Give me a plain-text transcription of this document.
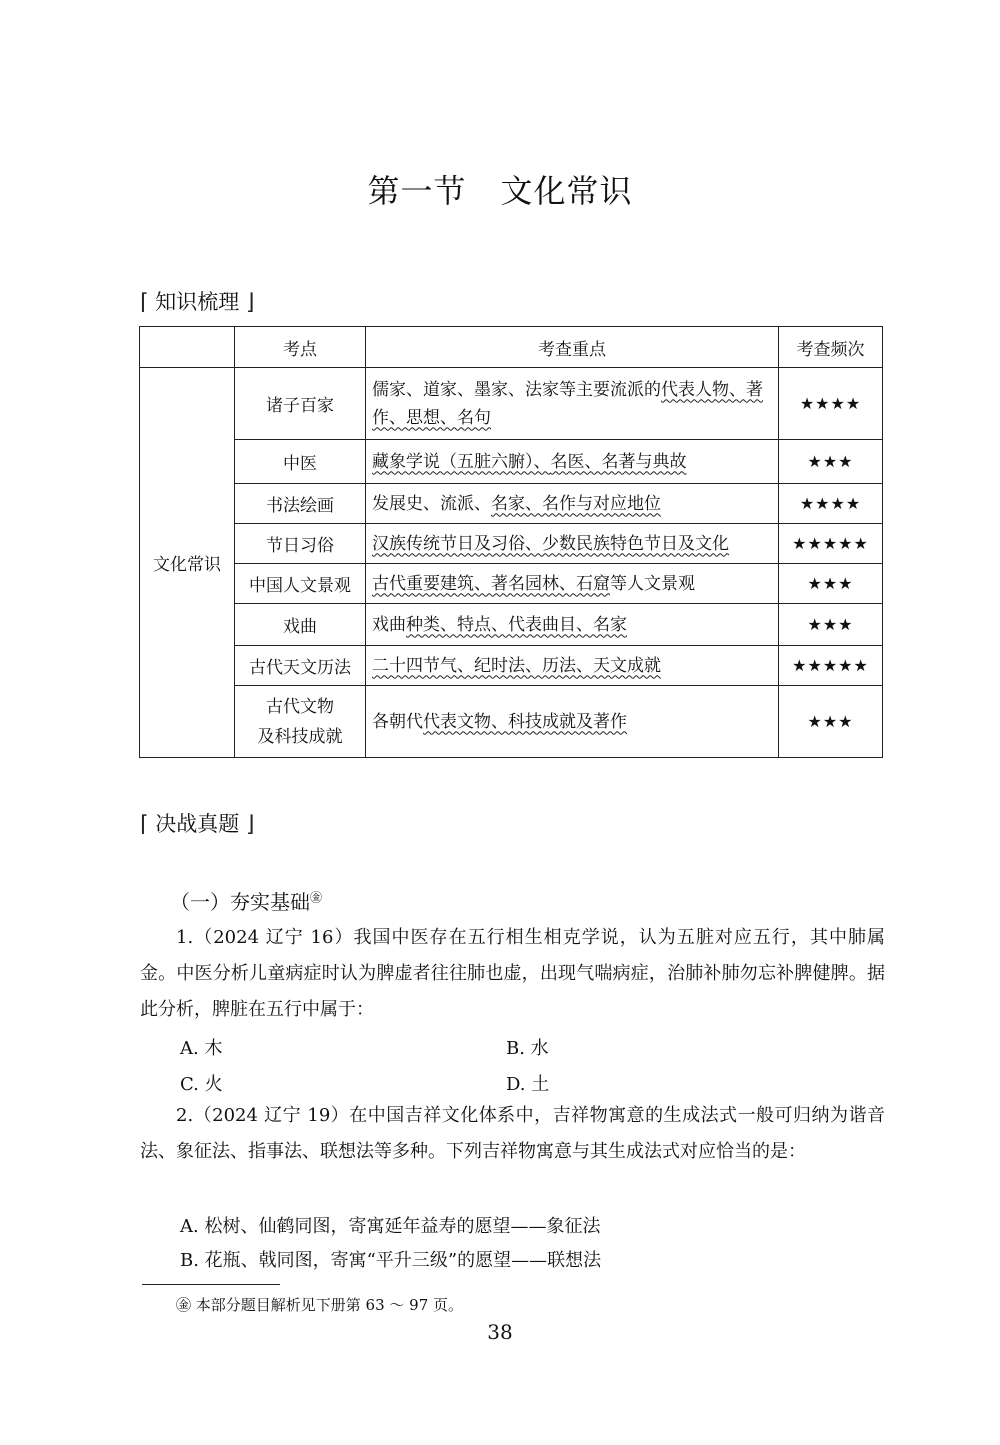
第一节 文化常识
⌈ 知识梳理 ⌋
	考点	考查重点	考查频次
文化常识	诸子百家	儒家、道家、墨家、法家等主要流派的代表人物、著作、思想、名句	★★★★
	中医	藏象学说（五脏六腑）、名医、名著与典故	★★★
	书法绘画	发展史、流派、名家、名作与对应地位	★★★★
	节日习俗	汉族传统节日及习俗、少数民族特色节日及文化	★★★★★
	中国人文景观	古代重要建筑、著名园林、石窟等人文景观	★★★
	戏曲	戏曲种类、特点、代表曲目、名家	★★★
	古代天文历法	二十四节气、纪时法、历法、天文成就	★★★★★
	古代文物
及科技成就	各朝代代表文物、科技成就及著作	★★★
⌈ 决战真题 ⌋
（一）夯实基础㊎
1.（2024 辽宁 16）我国中医存在五行相生相克学说，认为五脏对应五行，其中肺属金。中医分析儿童病症时认为脾虚者往往肺也虚，出现气喘病症，治肺补肺勿忘补脾健脾。据此分析，脾脏在五行中属于：
A. 木	B. 水
C. 火	D. 土
2.（2024 辽宁 19）在中国吉祥文化体系中，吉祥物寓意的生成法式一般可归纳为谐音法、象征法、指事法、联想法等多种。下列吉祥物寓意与其生成法式对应恰当的是：
A. 松树、仙鹤同图，寄寓延年益寿的愿望——象征法
B. 花瓶、戟同图，寄寓“平升三级”的愿望——联想法
㊎ 本部分题目解析见下册第 63 ～ 97 页。
38
